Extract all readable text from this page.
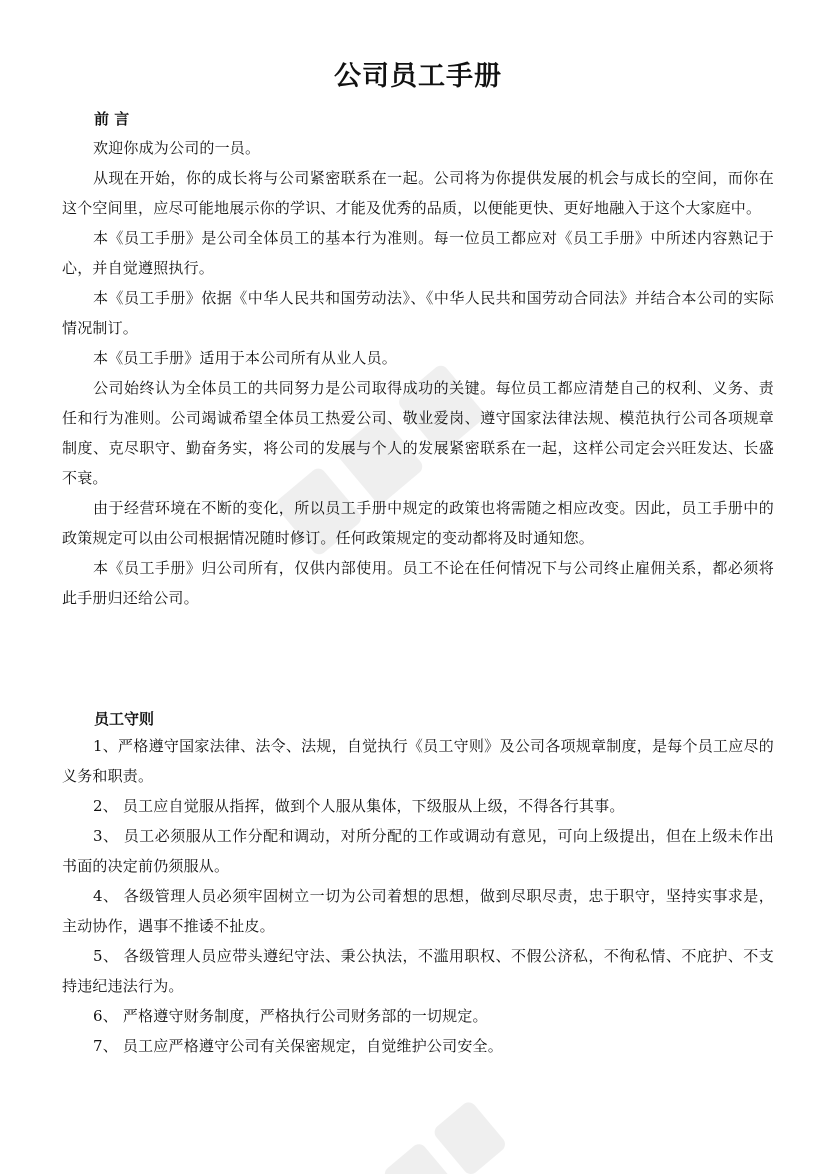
公司员工手册
前 言

欢迎你成为公司的一员。

从现在开始，你的成长将与公司紧密联系在一起。公司将为你提供发展的机会与成长的空间，而你在这个空间里，应尽可能地展示你的学识、才能及优秀的品质，以便能更快、更好地融入于这个大家庭中。

本《员工手册》是公司全体员工的基本行为准则。每一位员工都应对《员工手册》中所述内容熟记于心，并自觉遵照执行。

本《员工手册》依据《中华人民共和国劳动法》、《中华人民共和国劳动合同法》并结合本公司的实际情况制订。

本《员工手册》适用于本公司所有从业人员。

公司始终认为全体员工的共同努力是公司取得成功的关键。每位员工都应清楚自己的权利、义务、责任和行为准则。公司竭诚希望全体员工热爱公司、敬业爱岗、遵守国家法律法规、模范执行公司各项规章制度、克尽职守、勤奋务实，将公司的发展与个人的发展紧密联系在一起，这样公司定会兴旺发达、长盛不衰。

由于经营环境在不断的变化，所以员工手册中规定的政策也将需随之相应改变。因此，员工手册中的政策规定可以由公司根据情况随时修订。任何政策规定的变动都将及时通知您。

本《员工手册》归公司所有，仅供内部使用。员工不论在任何情况下与公司终止雇佣关系，都必须将此手册归还给公司。

员工守则

1、严格遵守国家法律、法令、法规，自觉执行《员工守则》及公司各项规章制度，是每个员工应尽的义务和职责。

2、 员工应自觉服从指挥，做到个人服从集体，下级服从上级，不得各行其事。

3、 员工必须服从工作分配和调动，对所分配的工作或调动有意见，可向上级提出，但在上级未作出书面的决定前仍须服从。

4、 各级管理人员必须牢固树立一切为公司着想的思想，做到尽职尽责，忠于职守，坚持实事求是，主动协作，遇事不推诿不扯皮。

5、 各级管理人员应带头遵纪守法、秉公执法，不滥用职权、不假公济私，不徇私情、不庇护、不支持违纪违法行为。

6、 严格遵守财务制度，严格执行公司财务部的一切规定。

7、 员工应严格遵守公司有关保密规定，自觉维护公司安全。
